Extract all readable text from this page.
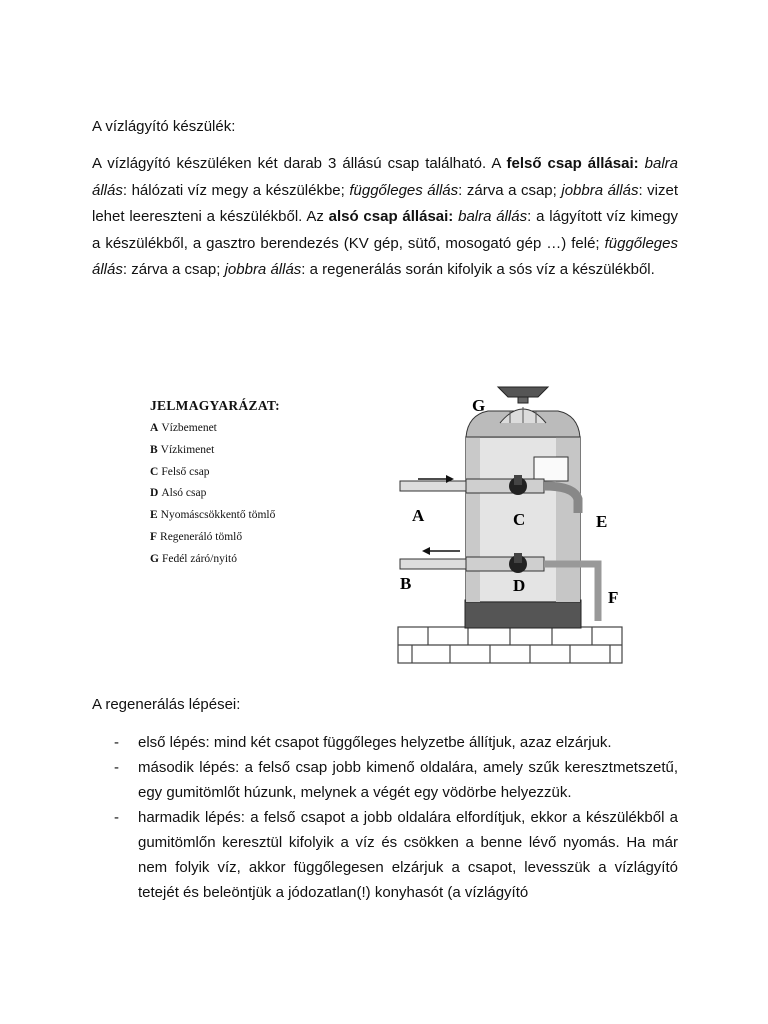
A vízlágyító készülék:
A vízlágyító készüléken két darab 3 állású csap található. A felső csap állásai: balra állás: hálózati víz megy a készülékbe; függőleges állás: zárva a csap; jobbra állás: vizet lehet leereszteni a készülékből. Az alsó csap állásai: balra állás: a lágyított víz kimegy a készülékből, a gasztro berendezés (KV gép, sütő, mosogató gép …) felé; függőleges állás: zárva a csap; jobbra állás: a regenerálás során kifolyik a sós víz a készülékből.
JELMAGYARÁZAT:
A Vízbemenet
B Vízkimenet
C Felső csap
D Alsó csap
E Nyomáscsökkentő tömlő
F Regeneráló tömlő
G Fedél záró/nyitó
G
A	C	E
B	D
F
A regenerálás lépései:
- első lépés: mind két csapot függőleges helyzetbe állítjuk, azaz elzárjuk.
- második lépés: a felső csap jobb kimenő oldalára, amely szűk keresztmetszetű, egy gumitömlőt húzunk, melynek a végét egy vödörbe helyezzük.
- harmadik lépés: a felső csapot a jobb oldalára elfordítjuk, ekkor a készülékből a gumitömlőn keresztül kifolyik a víz és csökken a benne lévő nyomás. Ha már nem folyik víz, akkor függőlegesen elzárjuk a csapot, levesszük a vízlágyító tetejét és beleöntjük a jódozatlan(!) konyhasót (a vízlágyító
